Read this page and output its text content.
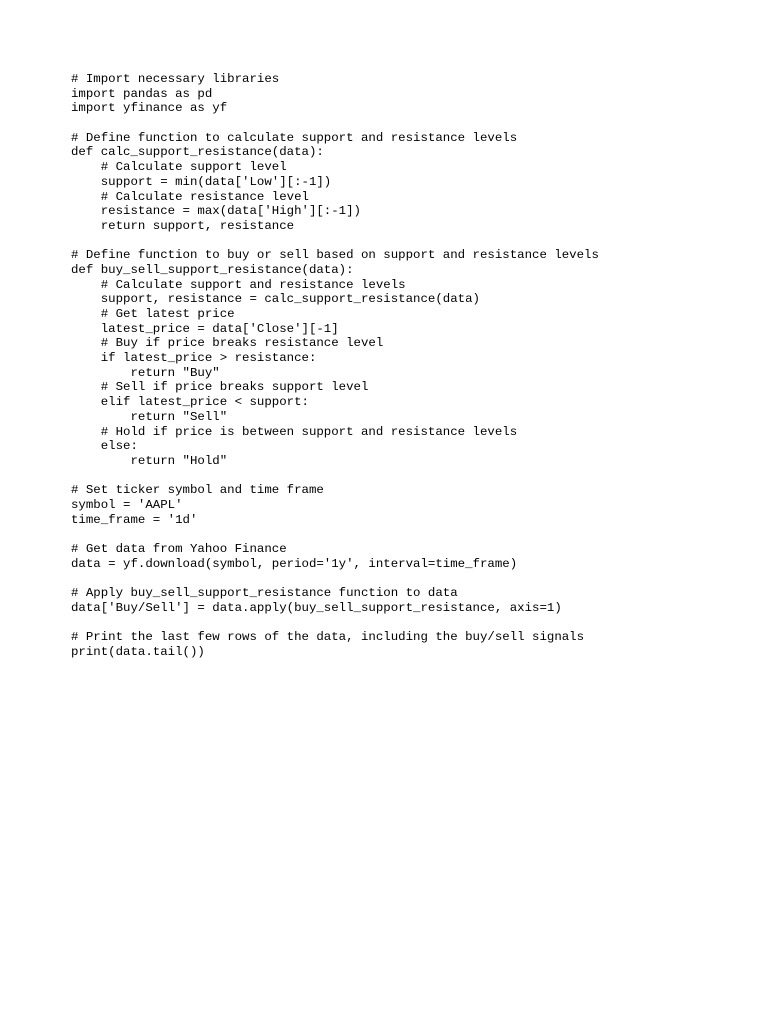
# Import necessary libraries
import pandas as pd
import yfinance as yf
# Define function to calculate support and resistance levels
def calc_support_resistance(data):
# Calculate support level
support = min(data['Low'][:-1])
# Calculate resistance level
resistance = max(data['High'][:-1])
return support, resistance
# Define function to buy or sell based on support and resistance levels
def buy_sell_support_resistance(data):
# Calculate support and resistance levels
support, resistance = calc_support_resistance(data)
# Get latest price
latest_price = data['Close'][-1]
# Buy if price breaks resistance level
if latest_price > resistance:
return "Buy"
# Sell if price breaks support level
elif latest_price < support:
return "Sell"
# Hold if price is between support and resistance levels
else:
return "Hold"
# Set ticker symbol and time frame
symbol = 'AAPL'
time_frame = '1d'
# Get data from Yahoo Finance
data = yf.download(symbol, period='1y', interval=time_frame)
# Apply buy_sell_support_resistance function to data
data['Buy/Sell'] = data.apply(buy_sell_support_resistance, axis=1)
# Print the last few rows of the data, including the buy/sell signals
print(data.tail())
